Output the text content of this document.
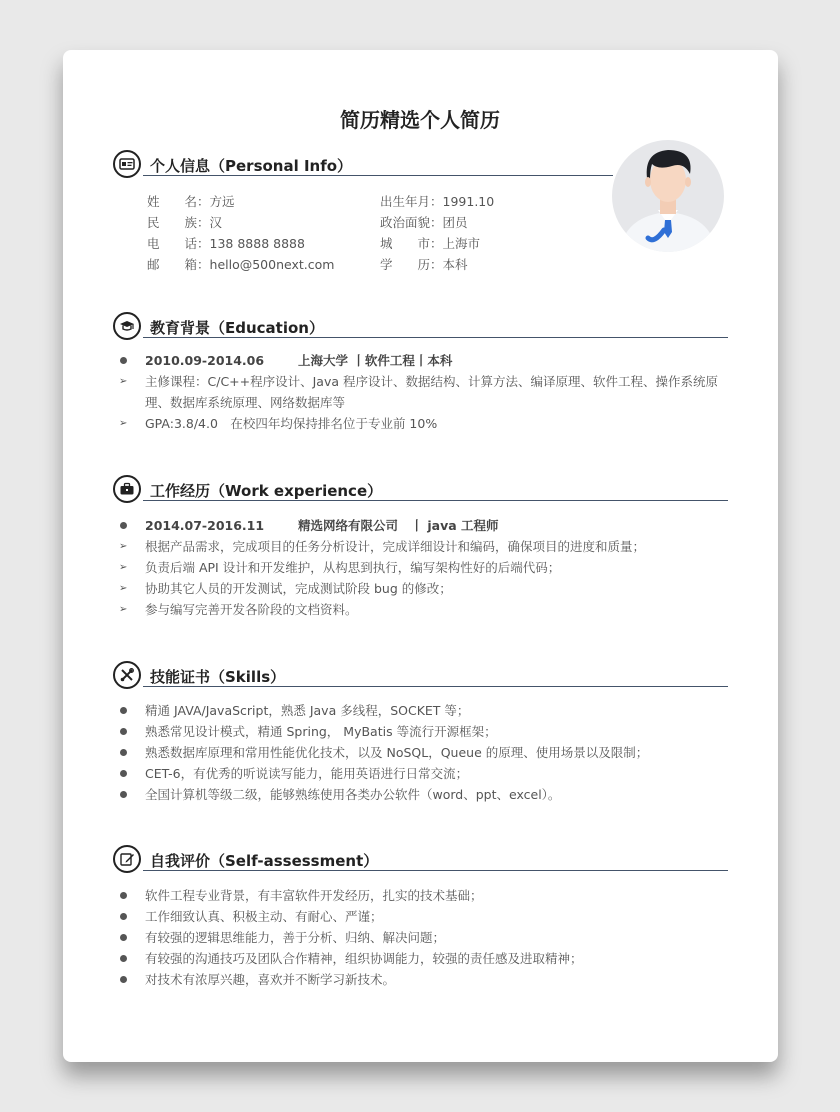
简历精选个人简历
个人信息（Personal Info）
姓　　名：方远
民　　族：汉
电　　话：138 8888 8888
邮　　箱：hello@500next.com
出生年月：1991.10
政治面貌：团员
城　　市：上海市
学　　历：本科
教育背景（Education）
2010.09-2014.06	上海大学 丨软件工程丨本科
➢ 主修课程：C/C++程序设计、Java 程序设计、数据结构、计算方法、编译原理、软件工程、操作系统原理、数据库系统原理、网络数据库等
➢ GPA:3.8/4.0　在校四年均保持排名位于专业前 10%
工作经历（Work experience）
2014.07-2016.11	精选网络有限公司　丨 java 工程师
➢ 根据产品需求，完成项目的任务分析设计，完成详细设计和编码，确保项目的进度和质量；
➢ 负责后端 API 设计和开发维护，从构思到执行，编写架构性好的后端代码；
➢ 协助其它人员的开发测试，完成测试阶段 bug 的修改；
➢ 参与编写完善开发各阶段的文档资料。
技能证书（Skills）
精通 JAVA/JavaScript，熟悉 Java 多线程，SOCKET 等；
熟悉常见设计模式，精通 Spring， MyBatis 等流行开源框架；
熟悉数据库原理和常用性能优化技术，以及 NoSQL，Queue 的原理、使用场景以及限制；
CET-6，有优秀的听说读写能力，能用英语进行日常交流；
全国计算机等级二级，能够熟练使用各类办公软件（word、ppt、excel）。
自我评价（Self-assessment）
软件工程专业背景，有丰富软件开发经历，扎实的技术基础；
工作细致认真、积极主动、有耐心、严谨；
有较强的逻辑思维能力，善于分析、归纳、解决问题；
有较强的沟通技巧及团队合作精神，组织协调能力，较强的责任感及进取精神；
对技术有浓厚兴趣，喜欢并不断学习新技术。
